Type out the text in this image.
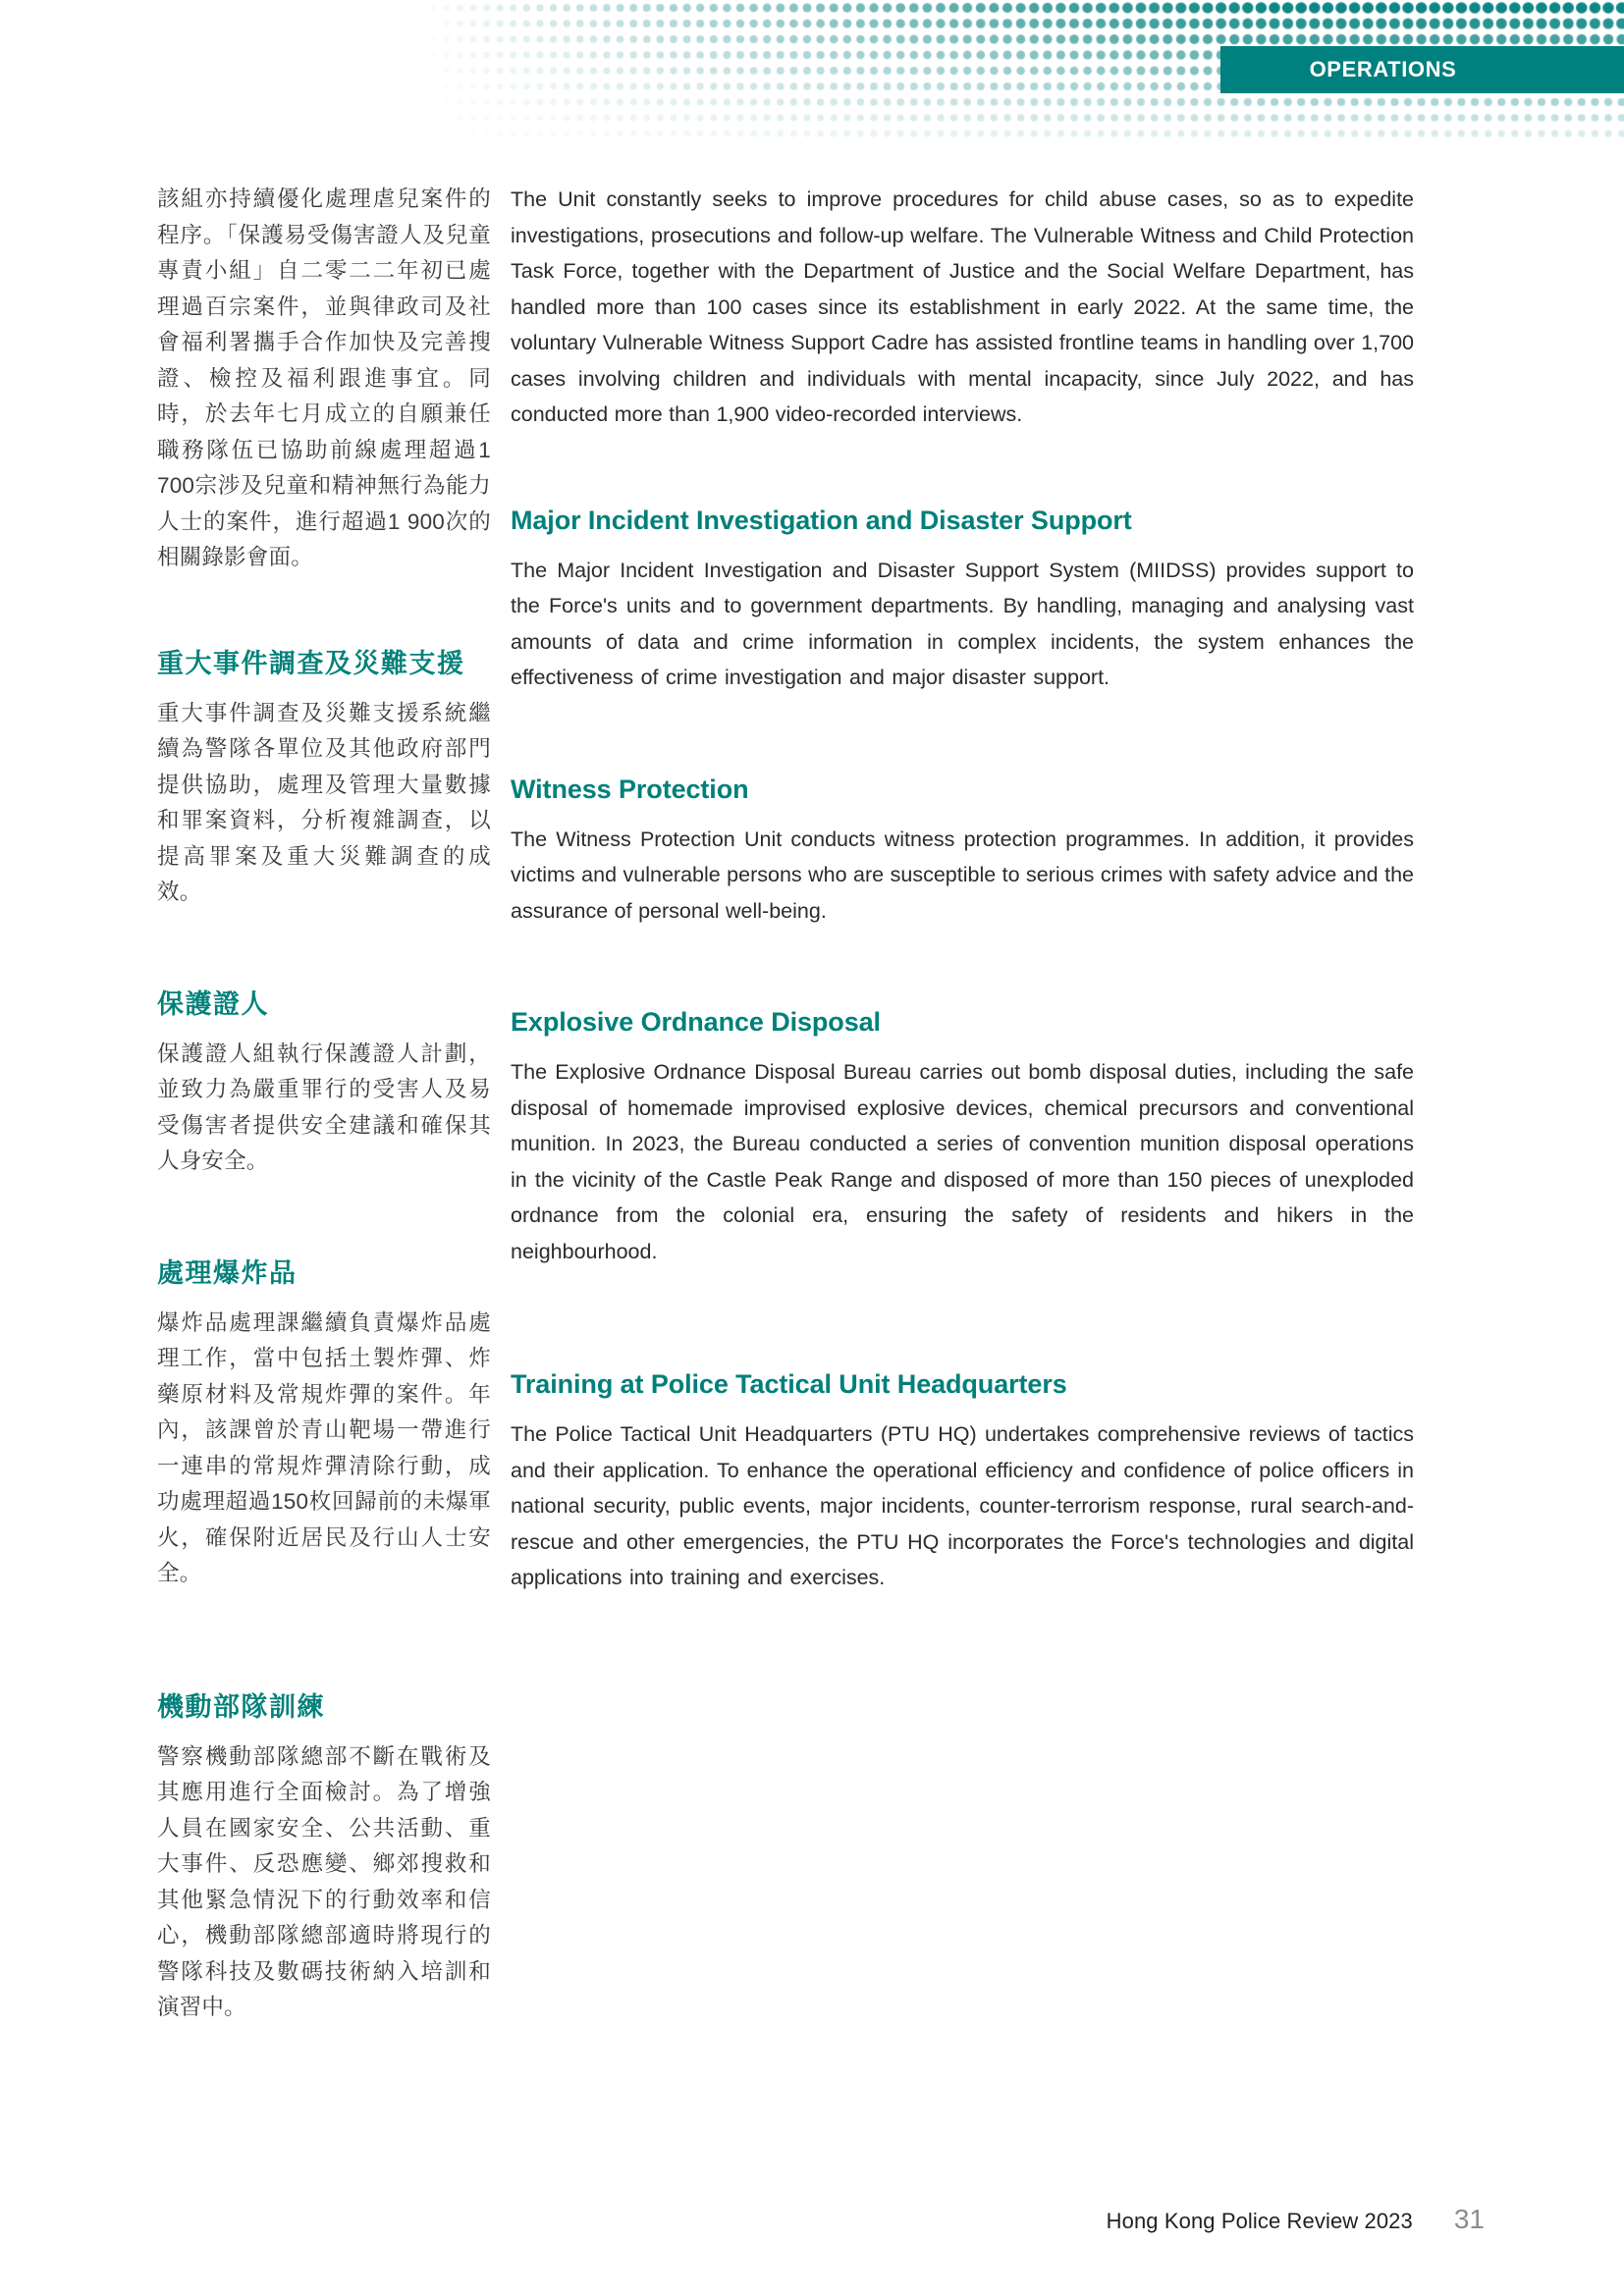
OPERATIONS

該組亦持續優化處理虐兒案件的程序。「保護易受傷害證人及兒童專責小組」自二零二二年初已處理過百宗案件，並與律政司及社會福利署攜手合作加快及完善搜證、檢控及福利跟進事宜。同時，於去年七月成立的自願兼任職務隊伍已協助前線處理超過1 700宗涉及兒童和精神無行為能力人士的案件，進行超過1 900次的相關錄影會面。

重大事件調查及災難支援

重大事件調查及災難支援系統繼續為警隊各單位及其他政府部門提供協助，處理及管理大量數據和罪案資料，分析複雜調查，以提高罪案及重大災難調查的成效。

保護證人

保護證人組執行保護證人計劃，並致力為嚴重罪行的受害人及易受傷害者提供安全建議和確保其人身安全。

處理爆炸品

爆炸品處理課繼續負責爆炸品處理工作，當中包括土製炸彈、炸藥原材料及常規炸彈的案件。年內，該課曾於青山靶場一帶進行一連串的常規炸彈清除行動，成功處理超過150枚回歸前的未爆軍火，確保附近居民及行山人士安全。

機動部隊訓練

警察機動部隊總部不斷在戰術及其應用進行全面檢討。為了增強人員在國家安全、公共活動、重大事件、反恐應變、鄉郊搜救和其他緊急情況下的行動效率和信心，機動部隊總部適時將現行的警隊科技及數碼技術納入培訓和演習中。

The Unit constantly seeks to improve procedures for child abuse cases, so as to expedite investigations, prosecutions and follow-up welfare. The Vulnerable Witness and Child Protection Task Force, together with the Department of Justice and the Social Welfare Department, has handled more than 100 cases since its establishment in early 2022. At the same time, the voluntary Vulnerable Witness Support Cadre has assisted frontline teams in handling over 1,700 cases involving children and individuals with mental incapacity, since July 2022, and has conducted more than 1,900 video-recorded interviews.

Major Incident Investigation and Disaster Support

The Major Incident Investigation and Disaster Support System (MIIDSS) provides support to the Force's units and to government departments. By handling, managing and analysing vast amounts of data and crime information in complex incidents, the system enhances the effectiveness of crime investigation and major disaster support.

Witness Protection

The Witness Protection Unit conducts witness protection programmes. In addition, it provides victims and vulnerable persons who are susceptible to serious crimes with safety advice and the assurance of personal well-being.

Explosive Ordnance Disposal

The Explosive Ordnance Disposal Bureau carries out bomb disposal duties, including the safe disposal of homemade improvised explosive devices, chemical precursors and conventional munition. In 2023, the Bureau conducted a series of convention munition disposal operations in the vicinity of the Castle Peak Range and disposed of more than 150 pieces of unexploded ordnance from the colonial era, ensuring the safety of residents and hikers in the neighbourhood.

Training at Police Tactical Unit Headquarters

The Police Tactical Unit Headquarters (PTU HQ) undertakes comprehensive reviews of tactics and their application. To enhance the operational efficiency and confidence of police officers in national security, public events, major incidents, counter-terrorism response, rural search-and-rescue and other emergencies, the PTU HQ incorporates the Force's technologies and digital applications into training and exercises.

Hong Kong Police Review 2023 31
